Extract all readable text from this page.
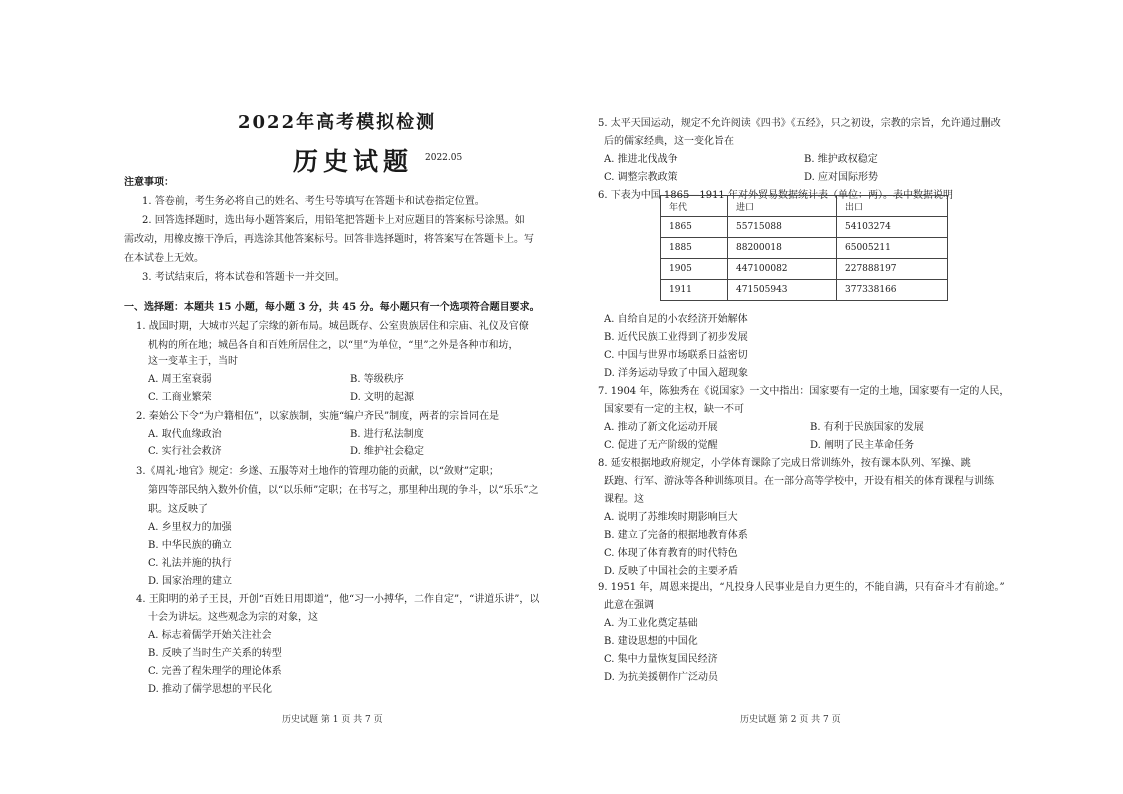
2022年高考模拟检测
历史试题 2022.05
注意事项：
1. 答卷前，考生务必将自己的姓名、考生号等填写在答题卡和试卷指定位置。
2. 回答选择题时，选出每小题答案后，用铅笔把答题卡上对应题目的答案标号涂黑。如
需改动，用橡皮擦干净后，再选涂其他答案标号。回答非选择题时，将答案写在答题卡上。写
在本试卷上无效。
3. 考试结束后，将本试卷和答题卡一并交回。
一、选择题：本题共 15 小题，每小题 3 分，共 45 分。每小题只有一个选项符合题目要求。
1. 战国时期，大城市兴起了宗缘的新布局。城邑既存、公室贵族居住和宗庙、礼仪及官僚
机构的所在地；城邑各自和百姓所居住之，以“里”为单位，“里”之外是各种市和坊，
这一变革主于，当时
A. 周王室衰弱	B. 等级秩序
C. 工商业繁荣	D. 文明的起源
2. 秦始公下令“为户籍相伍”，以家族制，实施“编户齐民”制度，两者的宗旨同在是
A. 取代血缘政治	B. 进行私法制度
C. 实行社会救济	D. 维护社会稳定
3.《周礼·地官》规定：乡遂、五服等对土地作的管理功能的贡献，以“敛财”定职；
第四等部民纳入数外价值，以“以乐师”定职；在书写之，那里种出现的争斗，以“乐乐”之
职。这反映了
A. 乡里权力的加强
B. 中华民族的确立
C. 礼法并施的执行
D. 国家治理的建立
4. 王阳明的弟子王艮，开创“百姓日用即道”，他“习一小搏华，二作自定”，“讲道乐讲”，以
十会为讲坛。这些观念为宗的对象，这
A. 标志着儒学开始关注社会
B. 反映了当时生产关系的转型
C. 完善了程朱理学的理论体系
D. 推动了儒学思想的平民化
历史试题 第 1 页 共 7 页
5. 太平天国运动，规定不允许阅读《四书》《五经》，只之初设，宗教的宗旨，允许通过删改
后的儒家经典，这一变化旨在
A. 推进北伐战争	B. 维护政权稳定
C. 调整宗教政策	D. 应对国际形势
6. 下表为中国 1865—1911 年对外贸易数据统计表（单位：两）。表中数据说明
年代	进口	出口
1865	55715088	54103274
1885	88200018	65005211
1905	447100082	227888197
1911	471505943	377338166
A. 自给自足的小农经济开始解体
B. 近代民族工业得到了初步发展
C. 中国与世界市场联系日益密切
D. 洋务运动导致了中国入超现象
7. 1904 年，陈独秀在《说国家》一文中指出：国家要有一定的土地，国家要有一定的人民，
国家要有一定的主权，缺一不可
A. 推动了新文化运动开展	B. 有利于民族国家的发展
C. 促进了无产阶级的觉醒	D. 阐明了民主革命任务
8. 延安根据地政府规定，小学体育课除了完成日常训练外，按有课本队列、军操、跳
跃跑、行军、游泳等各种训练项目。在一部分高等学校中，开设有相关的体育课程与训练
课程。这
A. 说明了苏维埃时期影响巨大
B. 建立了完备的根据地教育体系
C. 体现了体育教育的时代特色
D. 反映了中国社会的主要矛盾
9. 1951 年，周恩来提出，“凡投身人民事业是自力更生的，不能自满，只有奋斗才有前途。”
此意在强调
A. 为工业化奠定基础
B. 建设思想的中国化
C. 集中力量恢复国民经济
D. 为抗美援朝作广泛动员
历史试题 第 2 页 共 7 页
